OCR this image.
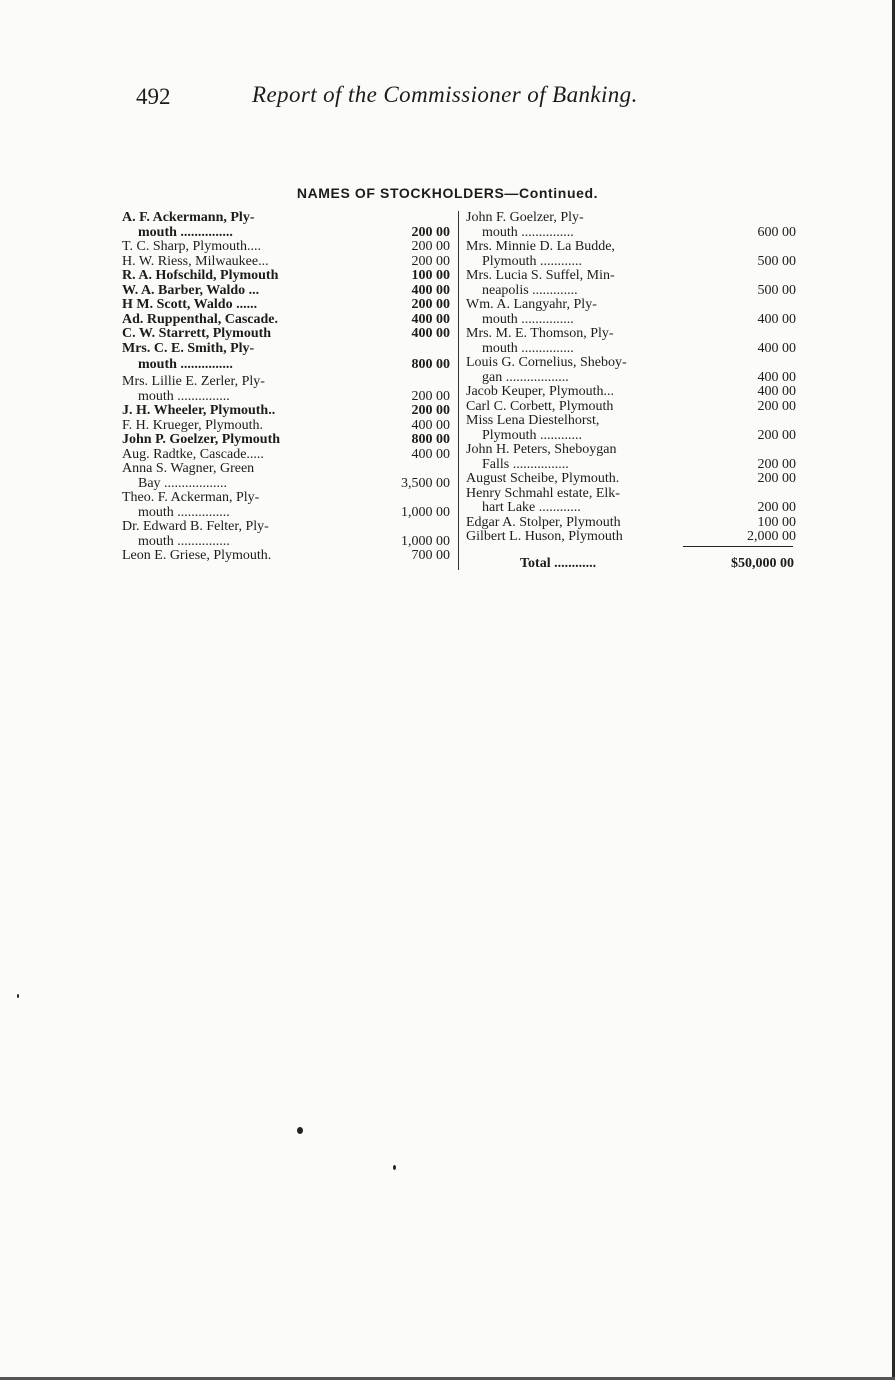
492	Report of the Commissioner of Banking.
NAMES OF STOCKHOLDERS—Continued.
A. F. Ackermann, Ply-
mouth ...............	200 00
T. C. Sharp, Plymouth....	200 00
H. W. Riess, Milwaukee...	200 00
R. A. Hofschild, Plymouth	100 00
W. A. Barber, Waldo ...	400 00
H M. Scott, Waldo ......	200 00
Ad. Ruppenthal, Cascade.	400 00
C. W. Starrett, Plymouth	400 00
Mrs. C. E. Smith, Ply-
mouth ...............	800 00
Mrs. Lillie E. Zerler, Ply-
mouth ...............	200 00
J. H. Wheeler, Plymouth..	200 00
F. H. Krueger, Plymouth.	400 00
John P. Goelzer, Plymouth	800 00
Aug. Radtke, Cascade.....	400 00
Anna S. Wagner, Green
Bay ..................	3,500 00
Theo. F. Ackerman, Ply-
mouth ...............	1,000 00
Dr. Edward B. Felter, Ply-
mouth ...............	1,000 00
Leon E. Griese, Plymouth.	700 00
John F. Goelzer, Ply-
mouth ...............	600 00
Mrs. Minnie D. La Budde,
Plymouth ............	500 00
Mrs. Lucia S. Suffel, Min-
neapolis .............	500 00
Wm. A. Langyahr, Ply-
mouth ...............	400 00
Mrs. M. E. Thomson, Ply-
mouth ...............	400 00
Louis G. Cornelius, Sheboy-
gan ..................	400 00
Jacob Keuper, Plymouth...	400 00
Carl C. Corbett, Plymouth	200 00
Miss Lena Diestelhorst,
Plymouth ............	200 00
John H. Peters, Sheboygan
Falls ................	200 00
August Scheibe, Plymouth.	200 00
Henry Schmahl estate, Elk-
hart Lake ............	200 00
Edgar A. Stolper, Plymouth	100 00
Gilbert L. Huson, Plymouth	2,000 00
Total ............	$50,000 00
